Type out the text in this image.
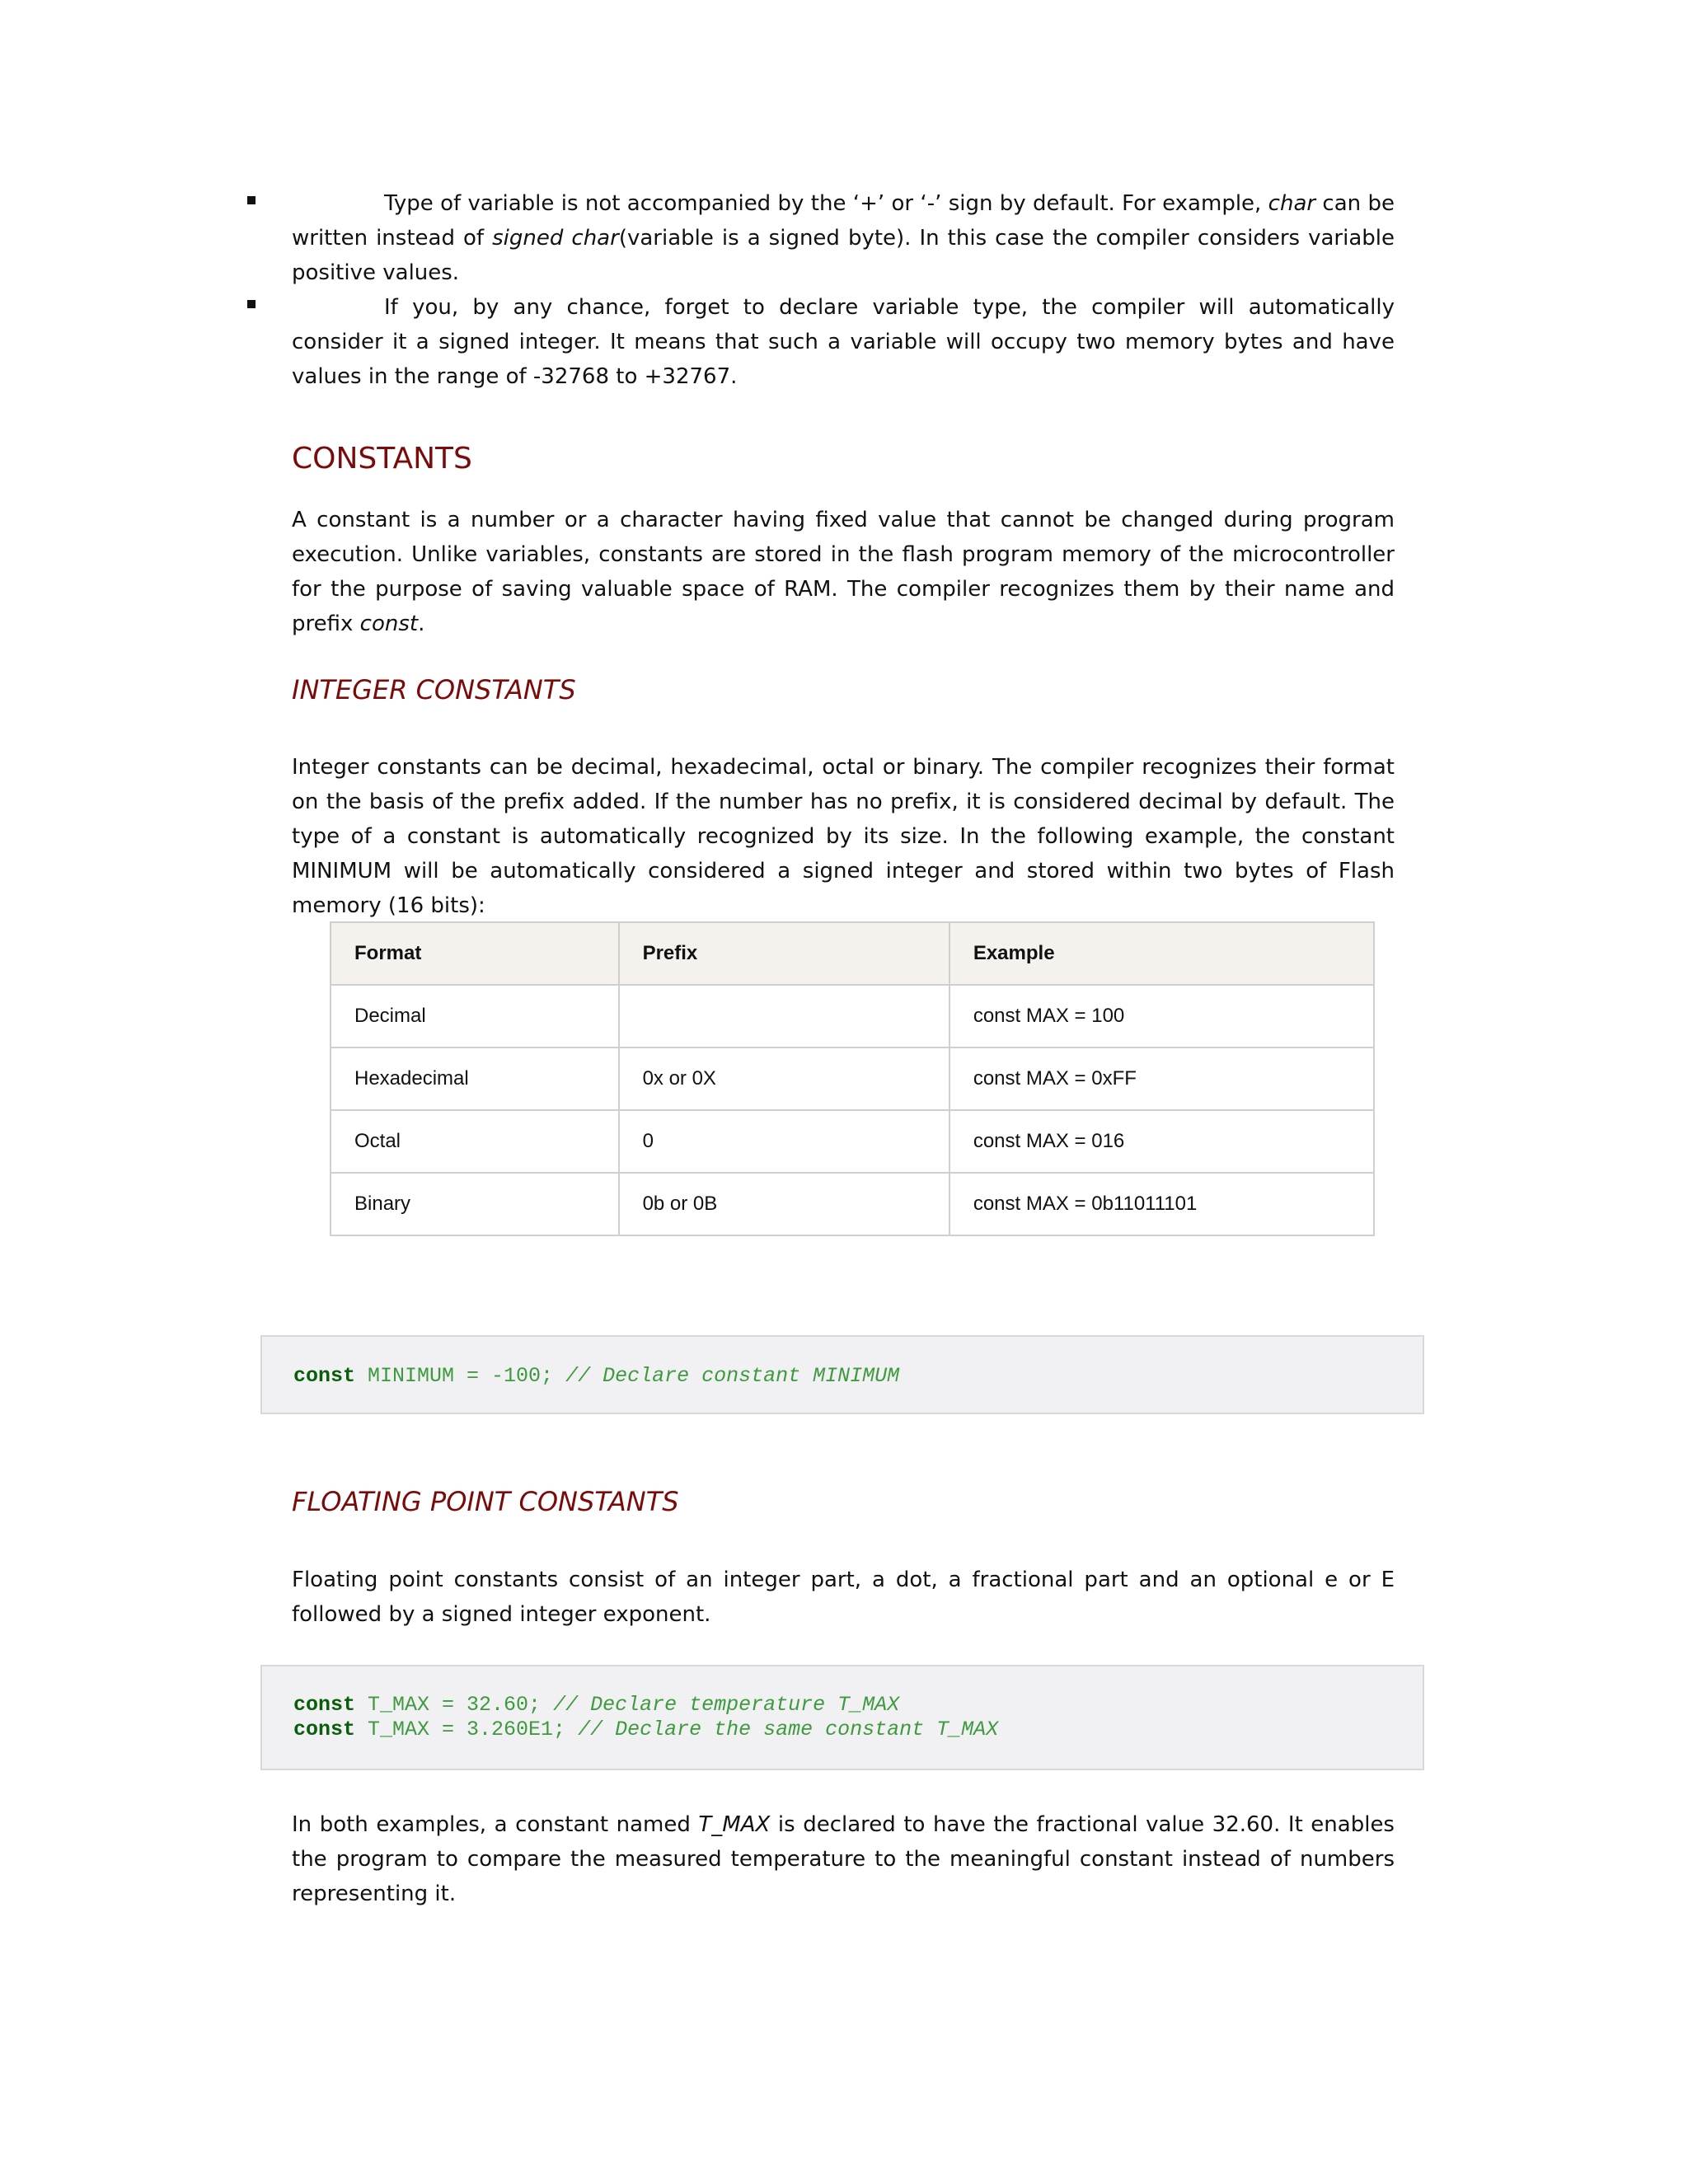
Type of variable is not accompanied by the ‘+’ or ‘-’ sign by default. For example, char can be written instead of signed char(variable is a signed byte). In this case the compiler considers variable positive values.

If you, by any chance, forget to declare variable type, the compiler will automatically consider it a signed integer. It means that such a variable will occupy two memory bytes and have values in the range of -32768 to +32767.

CONSTANTS

A constant is a number or a character having fixed value that cannot be changed during program execution. Unlike variables, constants are stored in the flash program memory of the microcontroller for the purpose of saving valuable space of RAM. The compiler recognizes them by their name and prefix const.

INTEGER CONSTANTS

Integer constants can be decimal, hexadecimal, octal or binary. The compiler recognizes their format on the basis of the prefix added. If the number has no prefix, it is considered decimal by default. The type of a constant is automatically recognized by its size. In the following example, the constant MINIMUM will be automatically considered a signed integer and stored within two bytes of Flash memory (16 bits):

Format	Prefix	Example
Decimal		const MAX = 100
Hexadecimal	0x or 0X	const MAX = 0xFF
Octal	0	const MAX = 016
Binary	0b or 0B	const MAX = 0b11011101
const MINIMUM = -100; // Declare constant MINIMUM
FLOATING POINT CONSTANTS

Floating point constants consist of an integer part, a dot, a fractional part and an optional e or E followed by a signed integer exponent.

const T_MAX = 32.60; // Declare temperature T_MAX
const T_MAX = 3.260E1; // Declare the same constant T_MAX

In both examples, a constant named T_MAX is declared to have the fractional value 32.60. It enables the program to compare the measured temperature to the meaningful constant instead of numbers representing it.
